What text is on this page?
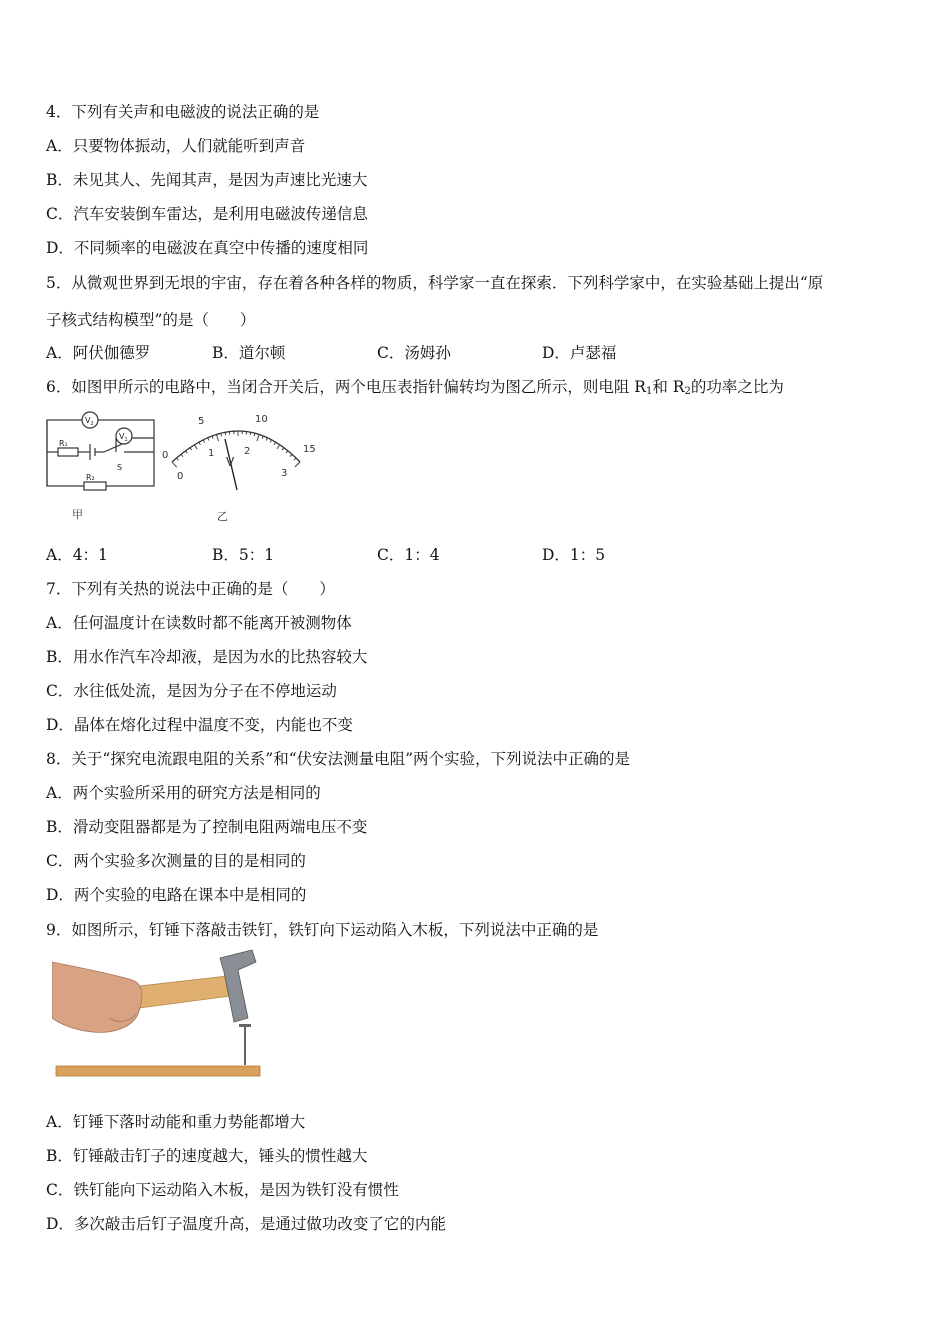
4．下列有关声和电磁波的说法正确的是
A．只要物体振动，人们就能听到声音
B．未见其人、先闻其声，是因为声速比光速大
C．汽车安装倒车雷达，是利用电磁波传递信息
D．不同频率的电磁波在真空中传播的速度相同
5．从微观世界到无垠的宇宙，存在着各种各样的物质，科学家一直在探索．下列科学家中，在实验基础上提出“原
子核式结构模型”的是（　　）
A．阿伏伽德罗	B．道尔顿	C．汤姆孙	D．卢瑟福
6．如图甲所示的电路中，当闭合开关后，两个电压表指针偏转均为图乙所示，则电阻 $R_1$和 $R_2$的功率之比为
$V_2$
$V_1$
R₁
S
R₂
甲
0
5	10
15
0
1	2
3
V
乙
A．4：1	B．5：1	C．1：4	D．1：5
7．下列有关热的说法中正确的是（　　）
A．任何温度计在读数时都不能离开被测物体
B．用水作汽车冷却液，是因为水的比热容较大
C．水往低处流，是因为分子在不停地运动
D．晶体在熔化过程中温度不变，内能也不变
8．关于“探究电流跟电阻的关系”和“伏安法测量电阻”两个实验，下列说法中正确的是
A．两个实验所采用的研究方法是相同的
B．滑动变阻器都是为了控制电阻两端电压不变
C．两个实验多次测量的目的是相同的
D．两个实验的电路在课本中是相同的
9．如图所示，钉锤下落敲击铁钉，铁钉向下运动陷入木板，下列说法中正确的是
A．钉锤下落时动能和重力势能都增大
B．钉锤敲击钉子的速度越大，锤头的惯性越大
C．铁钉能向下运动陷入木板，是因为铁钉没有惯性
D．多次敲击后钉子温度升高，是通过做功改变了它的内能
